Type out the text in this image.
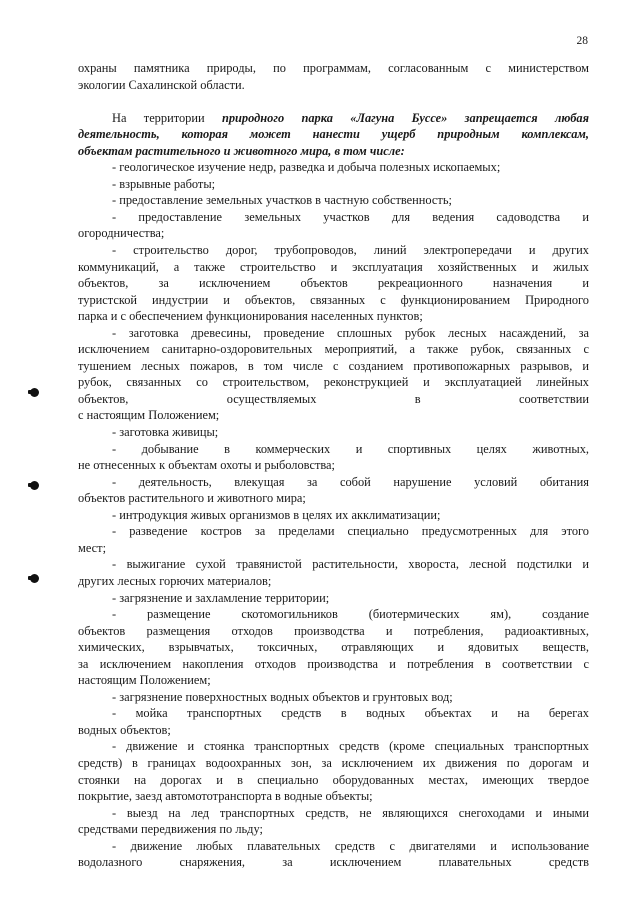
28
охраны памятника природы, по программам, согласованным с министерством
экологии Сахалинской области.
На территории природного парка «Лагуна Буссе» запрещается любая
деятельность, которая может нанести ущерб природным комплексам,
объектам растительного и животного мира, в том числе:
- геологическое изучение недр, разведка и добыча полезных ископаемых;
- взрывные работы;
- предоставление земельных участков в частную собственность;
- предоставление земельных участков для ведения садоводства и
огородничества;
- строительство дорог, трубопроводов, линий электропередачи и других
коммуникаций, а также строительство и эксплуатация хозяйственных и жилых
объектов, за исключением объектов рекреационного назначения и
туристской индустрии и объектов, связанных с функционированием Природного
парка и с обеспечением функционирования населенных пунктов;
- заготовка древесины, проведение сплошных рубок лесных насаждений, за
исключением санитарно-оздоровительных мероприятий, а также рубок, связанных с
тушением лесных пожаров, в том числе с созданием противопожарных разрывов, и
рубок, связанных со строительством, реконструкцией и эксплуатацией линейных
объектов, осуществляемых в соответствии
с настоящим Положением;
- заготовка живицы;
- добывание в коммерческих и спортивных целях животных,
не отнесенных к объектам охоты и рыболовства;
- деятельность, влекущая за собой нарушение условий обитания
объектов растительного и животного мира;
- интродукция живых организмов в целях их акклиматизации;
- разведение костров за пределами специально предусмотренных для этого
мест;
- выжигание сухой травянистой растительности, хвороста, лесной подстилки и
других лесных горючих материалов;
- загрязнение и захламление территории;
- размещение скотомогильников (биотермических ям), создание
объектов размещения отходов производства и потребления, радиоактивных,
химических, взрывчатых, токсичных, отравляющих и ядовитых веществ,
за исключением накопления отходов производства и потребления в соответствии с
настоящим Положением;
- загрязнение поверхностных водных объектов и грунтовых вод;
- мойка транспортных средств в водных объектах и на берегах
водных объектов;
- движение и стоянка транспортных средств (кроме специальных транспортных
средств) в границах водоохранных зон, за исключением их движения по дорогам и
стоянки на дорогах и в специально оборудованных местах, имеющих твердое
покрытие, заезд автомототранспорта в водные объекты;
- выезд на лед транспортных средств, не являющихся снегоходами и иными
средствами передвижения по льду;
- движение любых плавательных средств с двигателями и использование
водолазного снаряжения, за исключением плавательных средств
